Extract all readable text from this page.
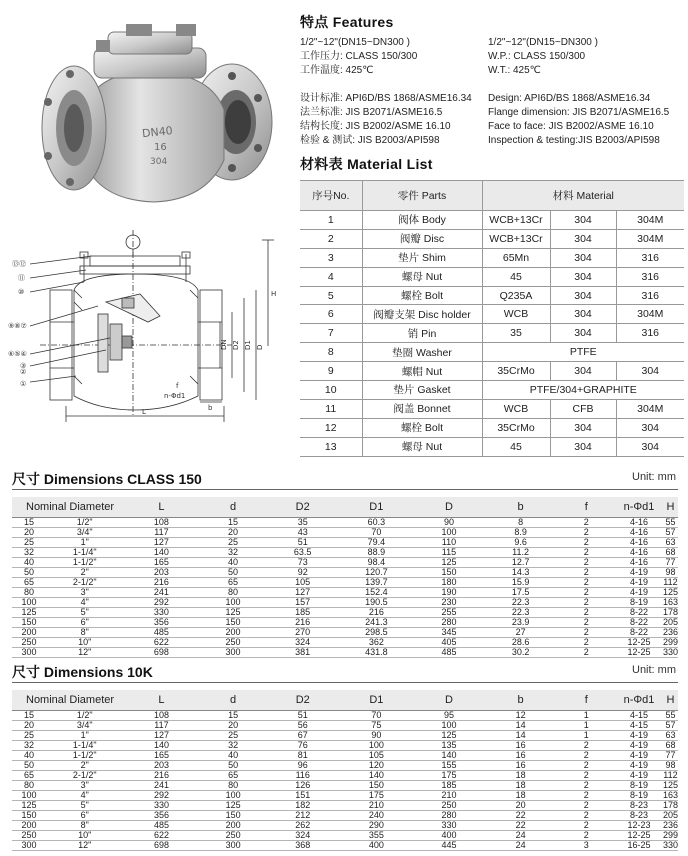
DN40
16
304
⑬⑫
⑪
⑩
⑨⑧⑦
⑥⑤④
③
②
①
H
L
DN D2 D1 D
b
f
n-Φd1
特点 Features
1/2"~12"(DN15~DN300 )
工作压力: CLASS 150/300
工作温度: 425℃
设计标准: API6D/BS 1868/ASME16.34
法兰标准: JIS B2071/ASME16.5
结构长度: JIS B2002/ASME 16.10
检验 & 测试: JIS B2003/API598
1/2"~12"(DN15~DN300 )
W.P.: CLASS 150/300
W.T.: 425℃
Design: API6D/BS 1868/ASME16.34
Flange dimension: JIS B2071/ASME16.5
Face to face: JIS B2002/ASME 16.10
Inspection & testing:JIS B2003/API598
材料表 Material List
序号No.	零件 Parts	材料 Material		
1	阀体 Body	WCB+13Cr	304	304M
2	阀瓣 Disc	WCB+13Cr	304	304M
3	垫片 Shim	65Mn	304	316
4	螺母 Nut	45	304	316
5	螺栓 Bolt	Q235A	304	316
6	阀瓣支架 Disc holder	WCB	304	304M
7	销 Pin	35	304	316
8	垫圈 Washer	PTFE		
9	螺帽 Nut	35CrMo	304	304
10	垫片 Gasket	PTFE/304+GRAPHITE		
11	阀盖 Bonnet	WCB	CFB	304M
12	螺栓 Bolt	35CrMo	304	304
13	螺母 Nut	45	304	304
尺寸 Dimensions CLASS 150	Unit: mm
Nominal Diameter		L	d	D2	D1	D	b	f	n-Φd1	H
15	1/2"	108	15	35	60.3	90	8	2	4-16	55
20	3/4"	117	20	43	70	100	8.9	2	4-16	57
25	1"	127	25	51	79.4	110	9.6	2	4-16	63
32	1-1/4"	140	32	63.5	88.9	115	11.2	2	4-16	68
40	1-1/2"	165	40	73	98.4	125	12.7	2	4-16	77
50	2"	203	50	92	120.7	150	14.3	2	4-19	98
65	2-1/2"	216	65	105	139.7	180	15.9	2	4-19	112
80	3"	241	80	127	152.4	190	17.5	2	4-19	125
100	4"	292	100	157	190.5	230	22.3	2	8-19	163
125	5"	330	125	185	216	255	22.3	2	8-22	178
150	6"	356	150	216	241.3	280	23.9	2	8-22	205
200	8"	485	200	270	298.5	345	27	2	8-22	236
250	10"	622	250	324	362	405	28.6	2	12-25	299
300	12"	698	300	381	431.8	485	30.2	2	12-25	330
尺寸 Dimensions 10K	Unit: mm
Nominal Diameter		L	d	D2	D1	D	b	f	n-Φd1	H
15	1/2"	108	15	51	70	95	12	1	4-15	55
20	3/4"	117	20	56	75	100	14	1	4-15	57
25	1"	127	25	67	90	125	14	1	4-19	63
32	1-1/4"	140	32	76	100	135	16	2	4-19	68
40	1-1/2"	165	40	81	105	140	16	2	4-19	77
50	2"	203	50	96	120	155	16	2	4-19	98
65	2-1/2"	216	65	116	140	175	18	2	4-19	112
80	3"	241	80	126	150	185	18	2	8-19	125
100	4"	292	100	151	175	210	18	2	8-19	163
125	5"	330	125	182	210	250	20	2	8-23	178
150	6"	356	150	212	240	280	22	2	8-23	205
200	8"	485	200	262	290	330	22	2	12-23	236
250	10"	622	250	324	355	400	24	2	12-25	299
300	12"	698	300	368	400	445	24	3	16-25	330
